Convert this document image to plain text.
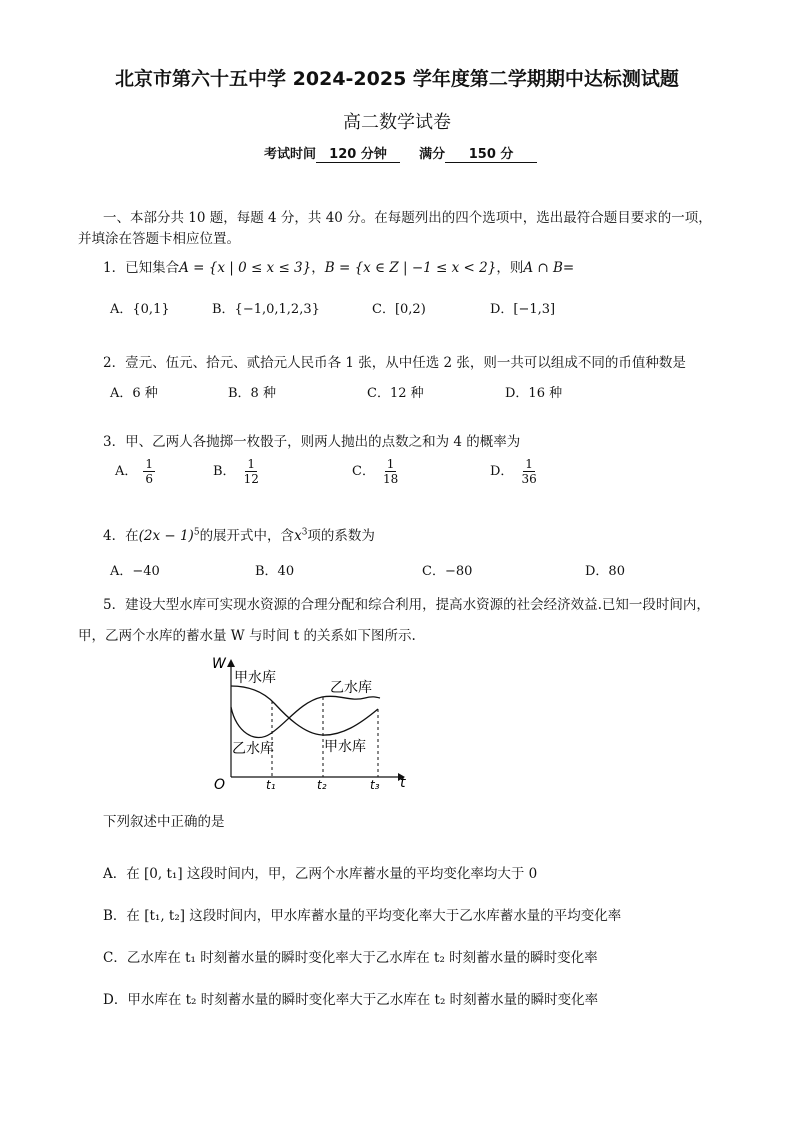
北京市第六十五中学 2024-2025 学年度第二学期期中达标测试题
高二数学试卷
考试时间 120 分钟 满分 150 分
一、本部分共 10 题，每题 4 分，共 40 分。在每题列出的四个选项中，选出最符合题目要求的一项，
并填涂在答题卡相应位置。
1．已知集合A = {x | 0 ≤ x ≤ 3}，B = {x ∈ Z | −1 ≤ x < 2}，则A ∩ B=
A．{0,1}	B．{−1,0,1,2,3}	C．[0,2)	D．[−1,3]
2．壹元、伍元、拾元、贰拾元人民币各 1 张，从中任选 2 张，则一共可以组成不同的币值种数是
A．6 种	B．8 种	C．12 种	D．16 种
3．甲、乙两人各抛掷一枚骰子，则两人抛出的点数之和为 4 的概率为
A． $\frac{1}{6}$	B． $\frac{1}{12}$	C． $\frac{1}{18}$	D． $\frac{1}{36}$
4．在$(2x - 1)^5$的展开式中，含$x^3$项的系数为
A．−40	B．40	C．−80	D．80
5．建设大型水库可实现水资源的合理分配和综合利用，提高水资源的社会经济效益.已知一段时间内，
甲，乙两个水库的蓄水量 W 与时间 t 的关系如下图所示.
W
t
O	t₁	t₂	t₃
甲水库
乙水库
乙水库	甲水库
下列叙述中正确的是
A．在 [0, t₁] 这段时间内，甲，乙两个水库蓄水量的平均变化率均大于 0
B．在 [t₁, t₂] 这段时间内，甲水库蓄水量的平均变化率大于乙水库蓄水量的平均变化率
C．乙水库在 t₁ 时刻蓄水量的瞬时变化率大于乙水库在 t₂ 时刻蓄水量的瞬时变化率
D．甲水库在 t₂ 时刻蓄水量的瞬时变化率大于乙水库在 t₂ 时刻蓄水量的瞬时变化率
